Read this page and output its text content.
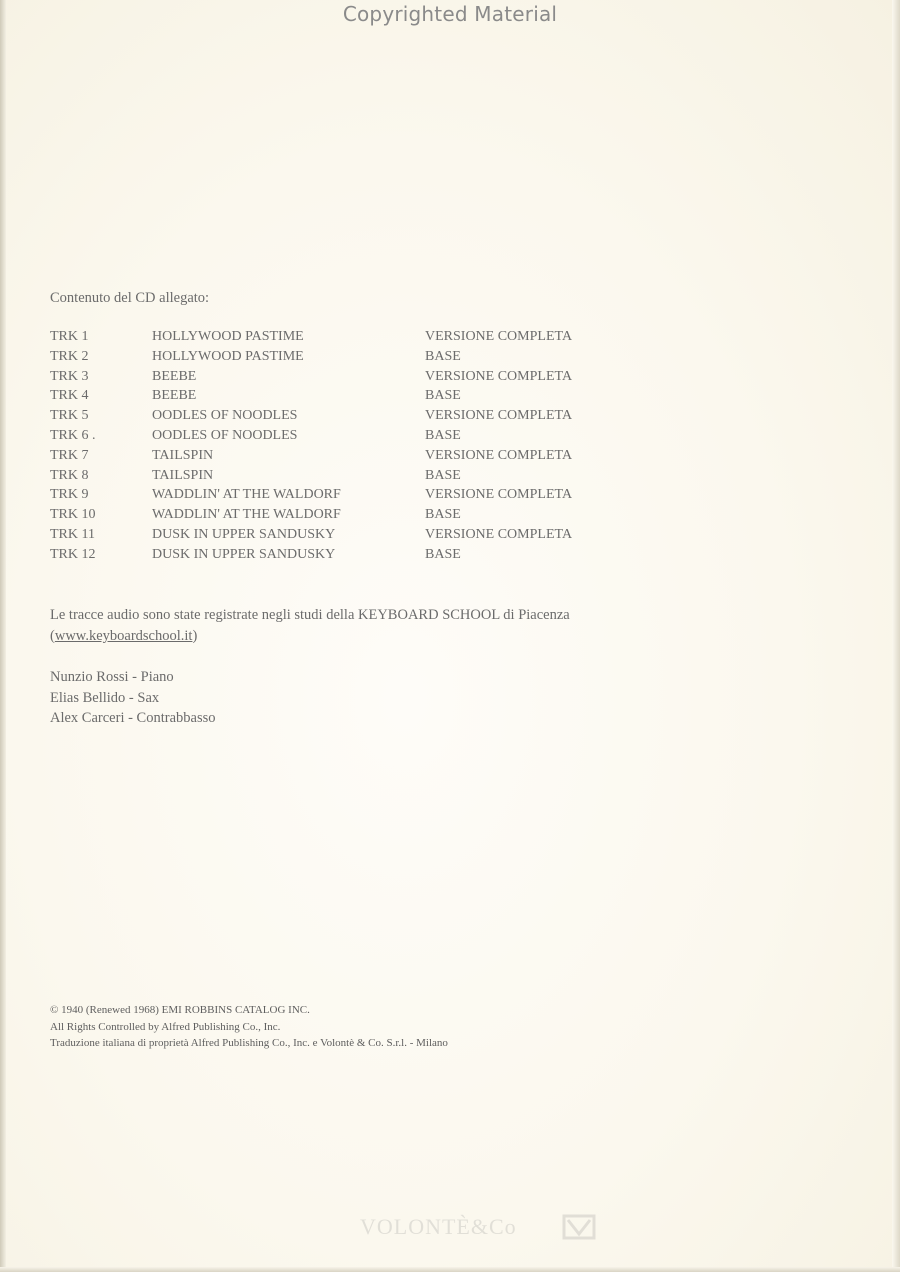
Copyrighted Material
Contenuto del CD allegato:
TRK 1	HOLLYWOOD PASTIME	VERSIONE COMPLETA
TRK 2	HOLLYWOOD PASTIME	BASE
TRK 3	BEEBE	VERSIONE COMPLETA
TRK 4	BEEBE	BASE
TRK 5	OODLES OF NOODLES	VERSIONE COMPLETA
TRK 6 .	OODLES OF NOODLES	BASE
TRK 7	TAILSPIN	VERSIONE COMPLETA
TRK 8	TAILSPIN	BASE
TRK 9	WADDLIN' AT THE WALDORF	VERSIONE COMPLETA
TRK 10	WADDLIN' AT THE WALDORF	BASE
TRK 11	DUSK IN UPPER SANDUSKY	VERSIONE COMPLETA
TRK 12	DUSK IN UPPER SANDUSKY	BASE
Le tracce audio sono state registrate negli studi della KEYBOARD SCHOOL di Piacenza
(www.keyboardschool.it)
Nunzio Rossi - Piano
Elias Bellido - Sax
Alex Carceri - Contrabbasso
© 1940 (Renewed 1968) EMI ROBBINS CATALOG INC.
All Rights Controlled by Alfred Publishing Co., Inc.
Traduzione italiana di proprietà Alfred Publishing Co., Inc. e Volontè & Co. S.r.l. - Milano
VOLONTÈ&Co
